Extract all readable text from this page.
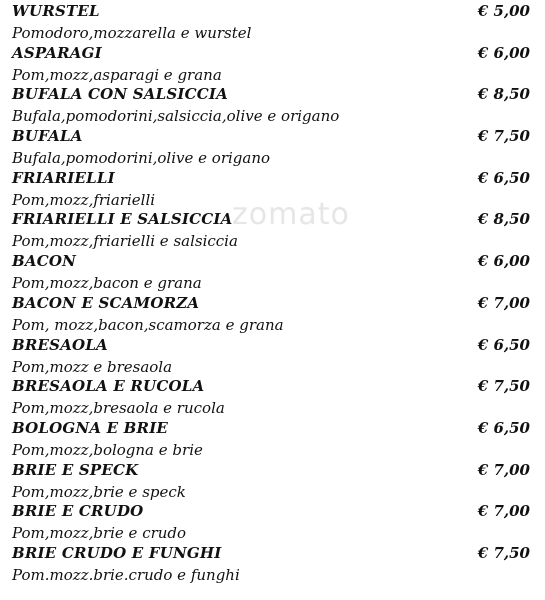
zomato
WURSTEL	€ 5,00
Pomodoro,mozzarella e wurstel
ASPARAGI	€ 6,00
Pom,mozz,asparagi e grana
BUFALA CON SALSICCIA	€ 8,50
Bufala,pomodorini,salsiccia,olive e origano
BUFALA	€ 7,50
Bufala,pomodorini,olive e origano
FRIARIELLI	€ 6,50
Pom,mozz,friarielli
FRIARIELLI E SALSICCIA	€ 8,50
Pom,mozz,friarielli e salsiccia
BACON	€ 6,00
Pom,mozz,bacon e grana
BACON E SCAMORZA	€ 7,00
Pom, mozz,bacon,scamorza e grana
BRESAOLA	€ 6,50
Pom,mozz e bresaola
BRESAOLA E RUCOLA	€ 7,50
Pom,mozz,bresaola e rucola
BOLOGNA E BRIE	€ 6,50
Pom,mozz,bologna e brie
BRIE E SPECK	€ 7,00
Pom,mozz,brie e speck
BRIE E CRUDO	€ 7,00
Pom,mozz,brie e crudo
BRIE CRUDO E FUNGHI	€ 7,50
Pom.mozz.brie.crudo e funghi
